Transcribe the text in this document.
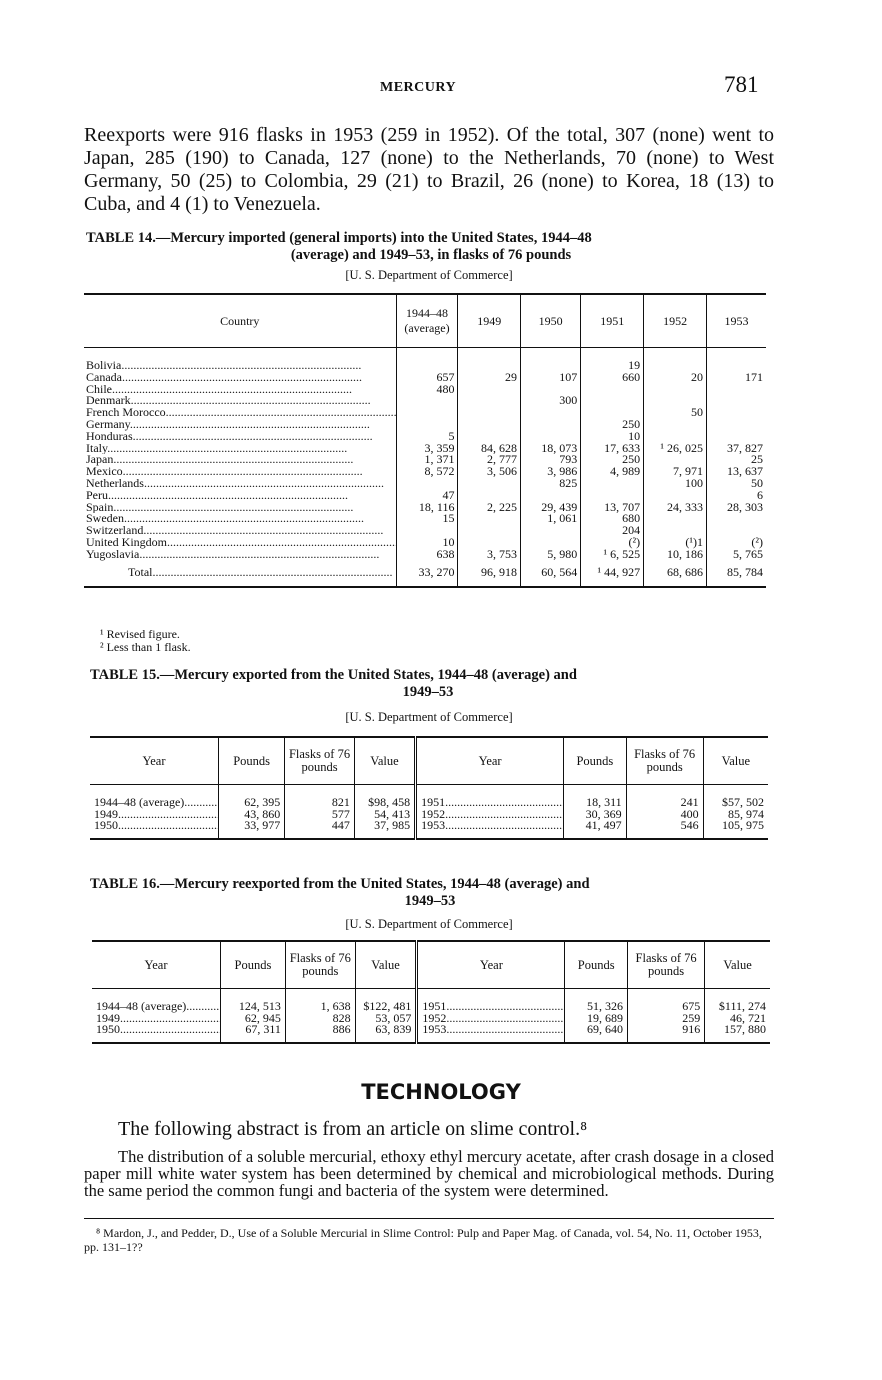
MERCURY	781
Reexports were 916 flasks in 1953 (259 in 1952). Of the total, 307 (none) went to Japan, 285 (190) to Canada, 127 (none) to the Netherlands, 70 (none) to West Germany, 50 (25) to Colombia, 29 (21) to Brazil, 26 (none) to Korea, 18 (13) to Cuba, and 4 (1) to Venezuela.
TABLE 14.—Mercury imported (general imports) into the United States, 1944–48
(average) and 1949–53, in flasks of 76 pounds
[U. S. Department of Commerce]
Country	1944–48 (average)	1949	1950	1951	1952	1953
Bolivia .....				19		
Canada .....	657	29	107	660	20	171
Chile .....	480					
Denmark .....			300			
French Morocco .....					50	
Germany .....				250		
Honduras .....	5			10		
Italy .....	3, 359	84, 628	18, 073	17, 633	¹ 26, 025	37, 827
Japan .....	1, 371	2, 777	793	250		25
Mexico .....	8, 572	3, 506	3, 986	4, 989	7, 971	13, 637
Netherlands .....			825		100	50
Peru .....	47					6
Spain .....	18, 116	2, 225	29, 439	13, 707	24, 333	28, 303
Sweden .....	15		1, 061	680		
Switzerland .....				204		
United Kingdom .....	10			(²)	(¹)1	(²)
Yugoslavia .....	638	3, 753	5, 980	¹ 6, 525	10, 186	5, 765
Total .....	33, 270	96, 918	60, 564	¹ 44, 927	68, 686	85, 784
¹ Revised figure.
² Less than 1 flask.
TABLE 15.—Mercury exported from the United States, 1944–48 (average) and
1949–53
[U. S. Department of Commerce]
Year	Pounds	Flasks of 76 pounds	Value	Year	Pounds	Flasks of 76 pounds	Value
1944–48 (average) .....	62, 395	821	$98, 458	1951 .....	18, 311	241	$57, 502
1949 .....	43, 860	577	54, 413	1952 .....	30, 369	400	85, 974
1950 .....	33, 977	447	37, 985	1953 .....	41, 497	546	105, 975
TABLE 16.—Mercury reexported from the United States, 1944–48 (average) and
1949–53
[U. S. Department of Commerce]
Year	Pounds	Flasks of 76 pounds	Value	Year	Pounds	Flasks of 76 pounds	Value
1944–48 (average) .....	124, 513	1, 638	$122, 481	1951 .....	51, 326	675	$111, 274
1949 .....	62, 945	828	53, 057	1952 .....	19, 689	259	46, 721
1950 .....	67, 311	886	63, 839	1953 .....	69, 640	916	157, 880
TECHNOLOGY
The following abstract is from an article on slime control.⁸
The distribution of a soluble mercurial, ethoxy ethyl mercury acetate, after crash dosage in a closed paper mill white water system has been determined by chemical and microbiological methods. During the same period the common fungi and bacteria of the system were determined.
⁸ Mardon, J., and Pedder, D., Use of a Soluble Mercurial in Slime Control: Pulp and Paper Mag. of Canada, vol. 54, No. 11, October 1953, pp. 131–1??
